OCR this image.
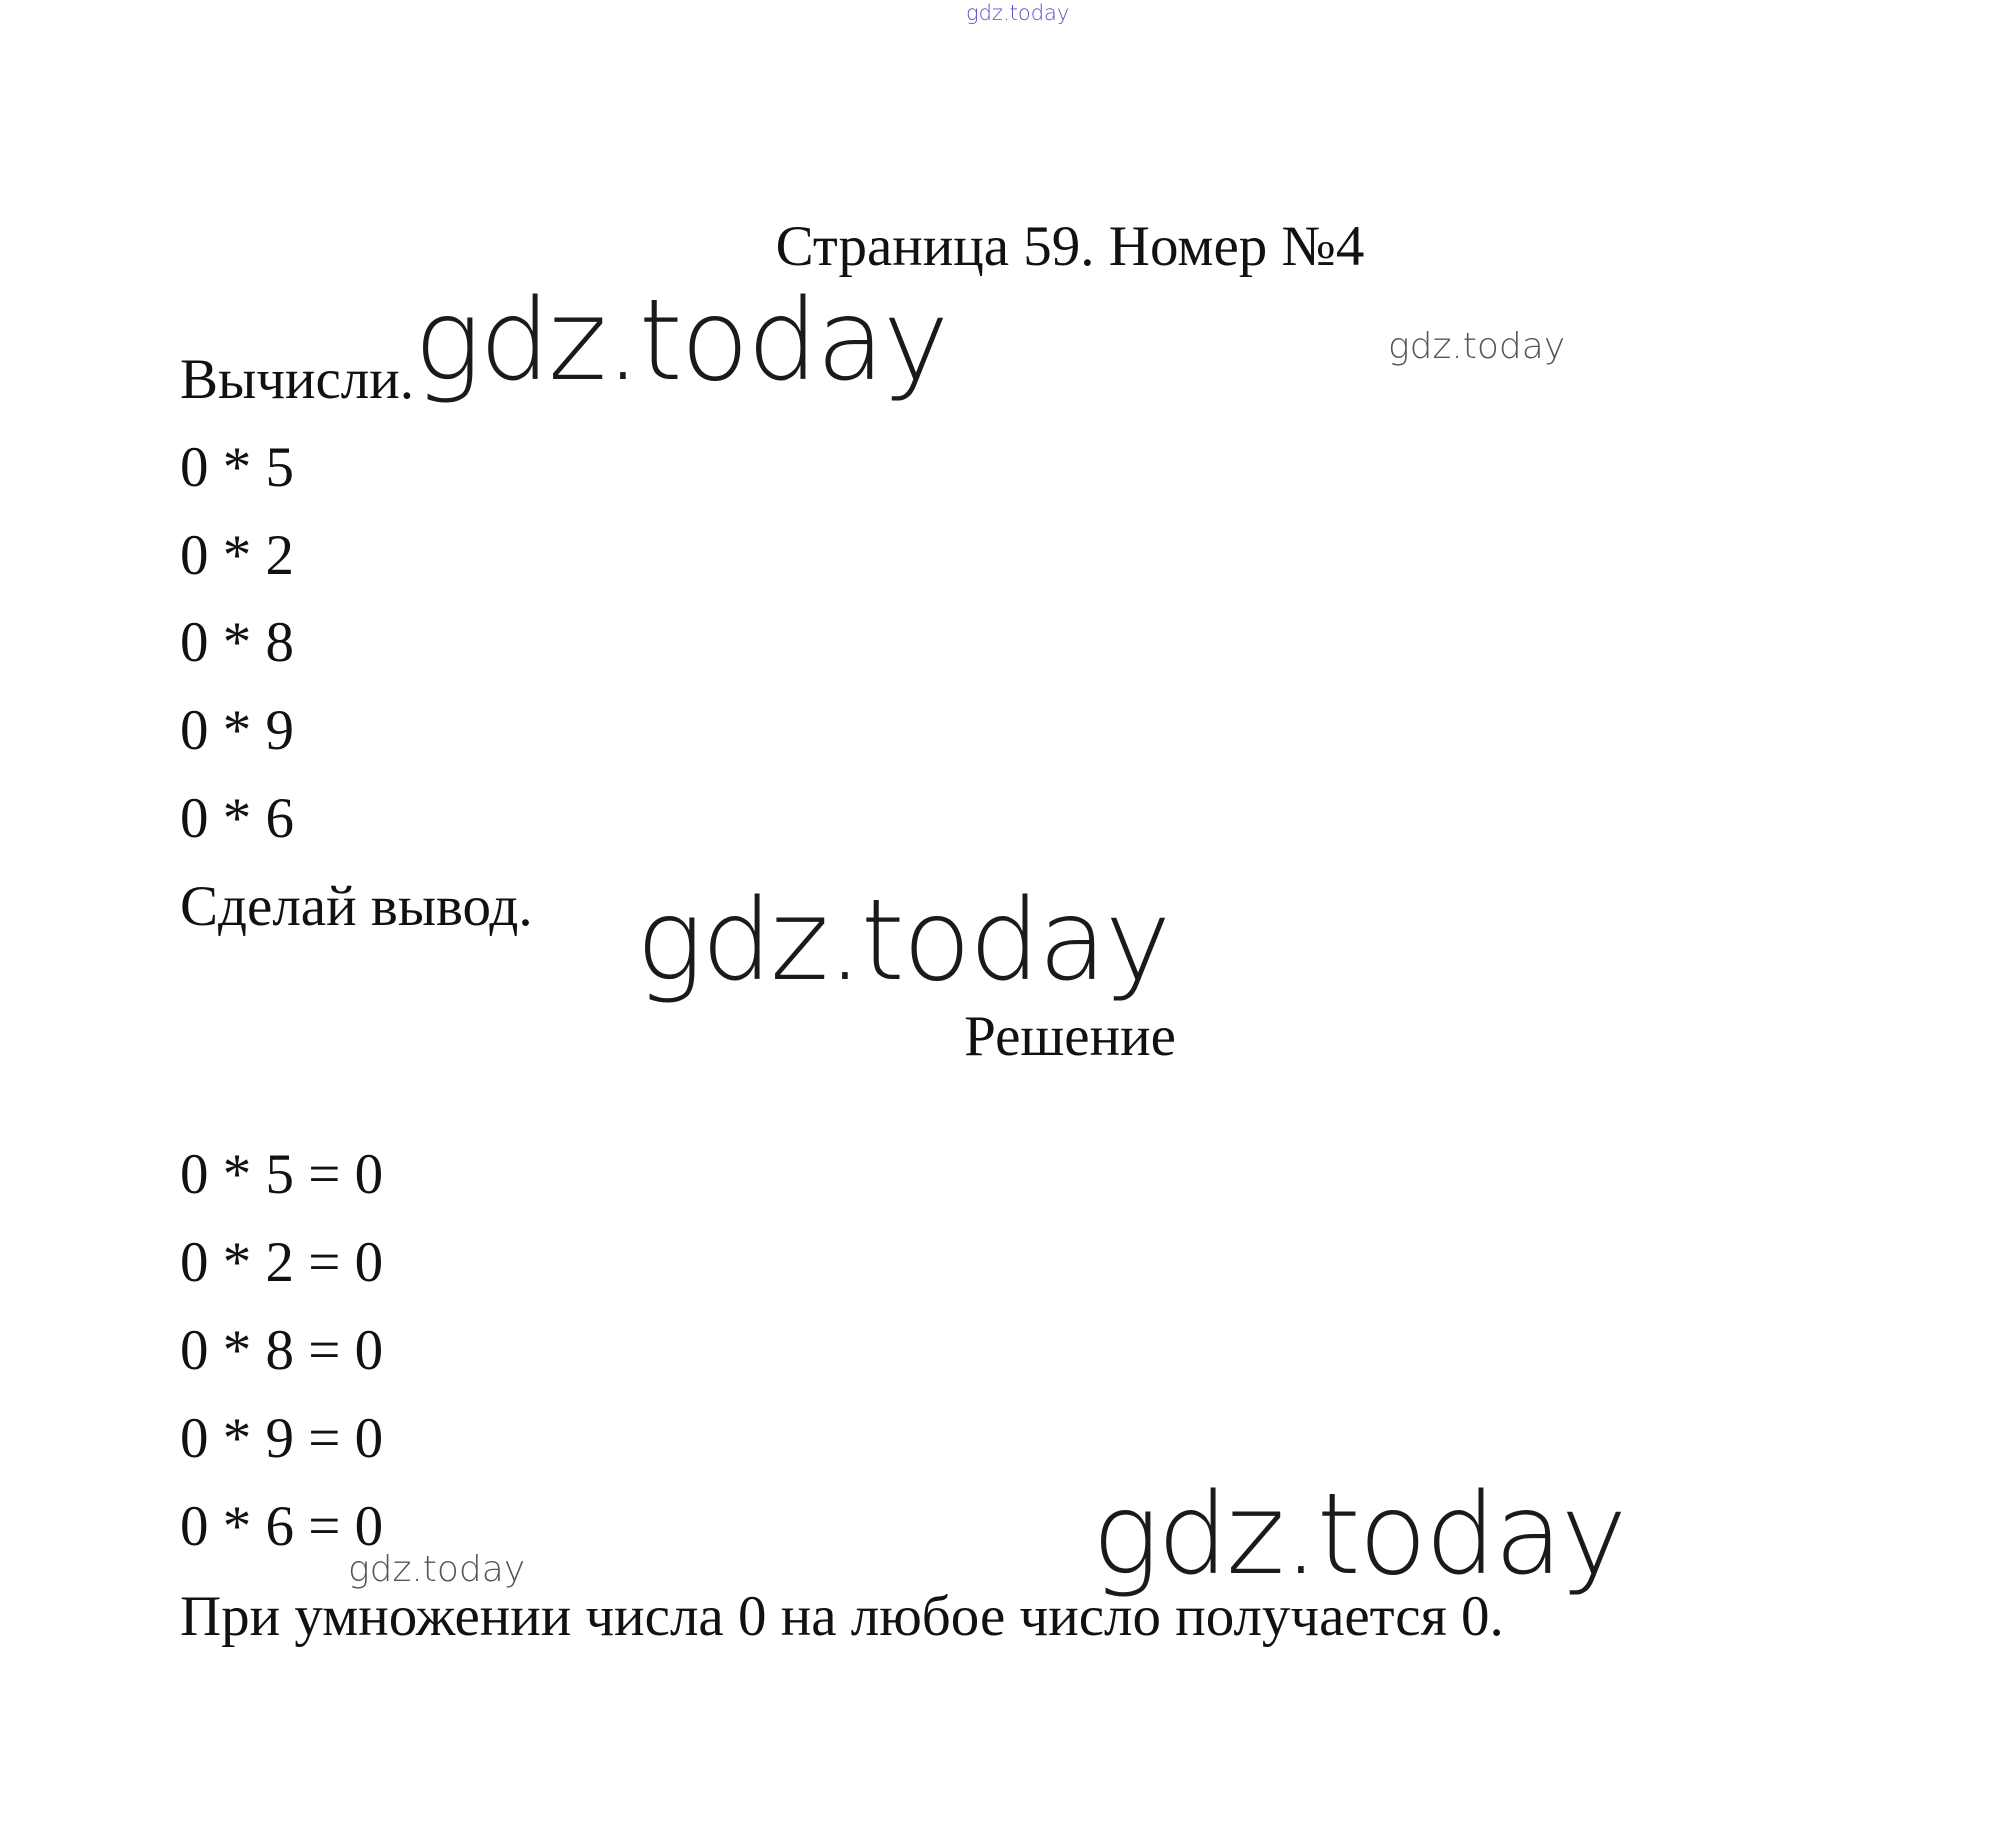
gdz.today
Страница 59. Номер №4
gdz.today	gdz.today
Вычисли.
0 * 5
0 * 2
0 * 8
0 * 9
0 * 6
Сделай вывод. gdz.today
Решение
0 * 5 = 0
0 * 2 = 0
0 * 8 = 0
0 * 9 = 0
0 * 6 = 0	gdz.today
gdz.today
При умножении числа 0 на любое число получается 0.
